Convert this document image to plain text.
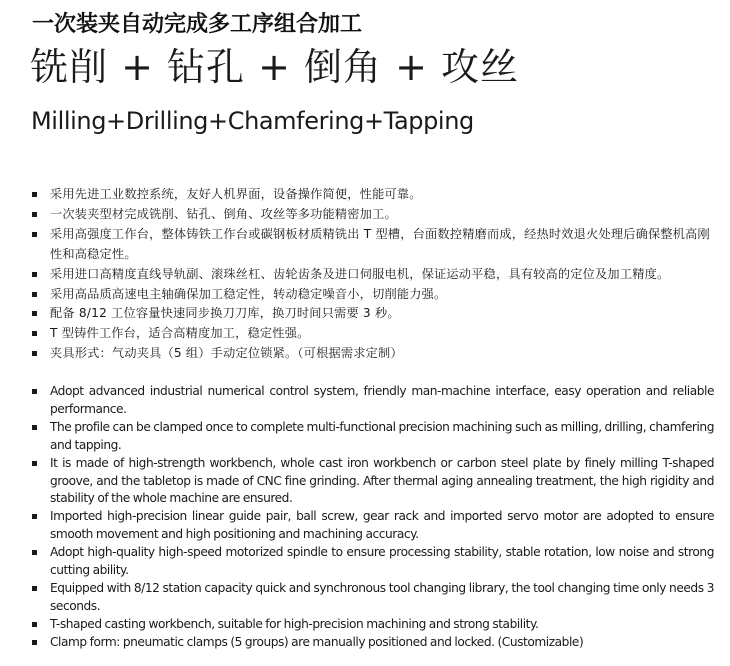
一次装夹自动完成多工序组合加工
铣削 + 钻孔 + 倒角 + 攻丝
Milling+Drilling+Chamfering+Tapping
采用先进工业数控系统，友好人机界面，设备操作简便，性能可靠。
一次装夹型材完成铣削、钻孔、倒角、攻丝等多功能精密加工。
采用高强度工作台，整体铸铁工作台或碳钢板材质精铣出 T 型槽，台面数控精磨而成，经热时效退火处理后确保整机高刚性和高稳定性。
采用进口高精度直线导轨副、滚珠丝杠、齿轮齿条及进口伺服电机，保证运动平稳，具有较高的定位及加工精度。
采用高品质高速电主轴确保加工稳定性，转动稳定噪音小，切削能力强。
配备 8/12 工位容量快速同步换刀刀库，换刀时间只需要 3 秒。
T 型铸件工作台，适合高精度加工，稳定性强。
夹具形式：气动夹具（5 组）手动定位锁紧。（可根据需求定制）
Adopt advanced industrial numerical control system, friendly man-machine interface, easy operation and reliable performance.
The profile can be clamped once to complete multi-functional precision machining such as milling, drilling, chamfering and tapping.
It is made of high-strength workbench, whole cast iron workbench or carbon steel plate by finely milling T-shaped groove, and the tabletop is made of CNC fine grinding. After thermal aging annealing treatment, the high rigidity and stability of the whole machine are ensured.
Imported high-precision linear guide pair, ball screw, gear rack and imported servo motor are adopted to ensure smooth movement and high positioning and machining accuracy.
Adopt high-quality high-speed motorized spindle to ensure processing stability, stable rotation, low noise and strong cutting ability.
Equipped with 8/12 station capacity quick and synchronous tool changing library, the tool changing time only needs 3 seconds.
T-shaped casting workbench, suitable for high-precision machining and strong stability.
Clamp form: pneumatic clamps (5 groups) are manually positioned and locked. (Customizable)
